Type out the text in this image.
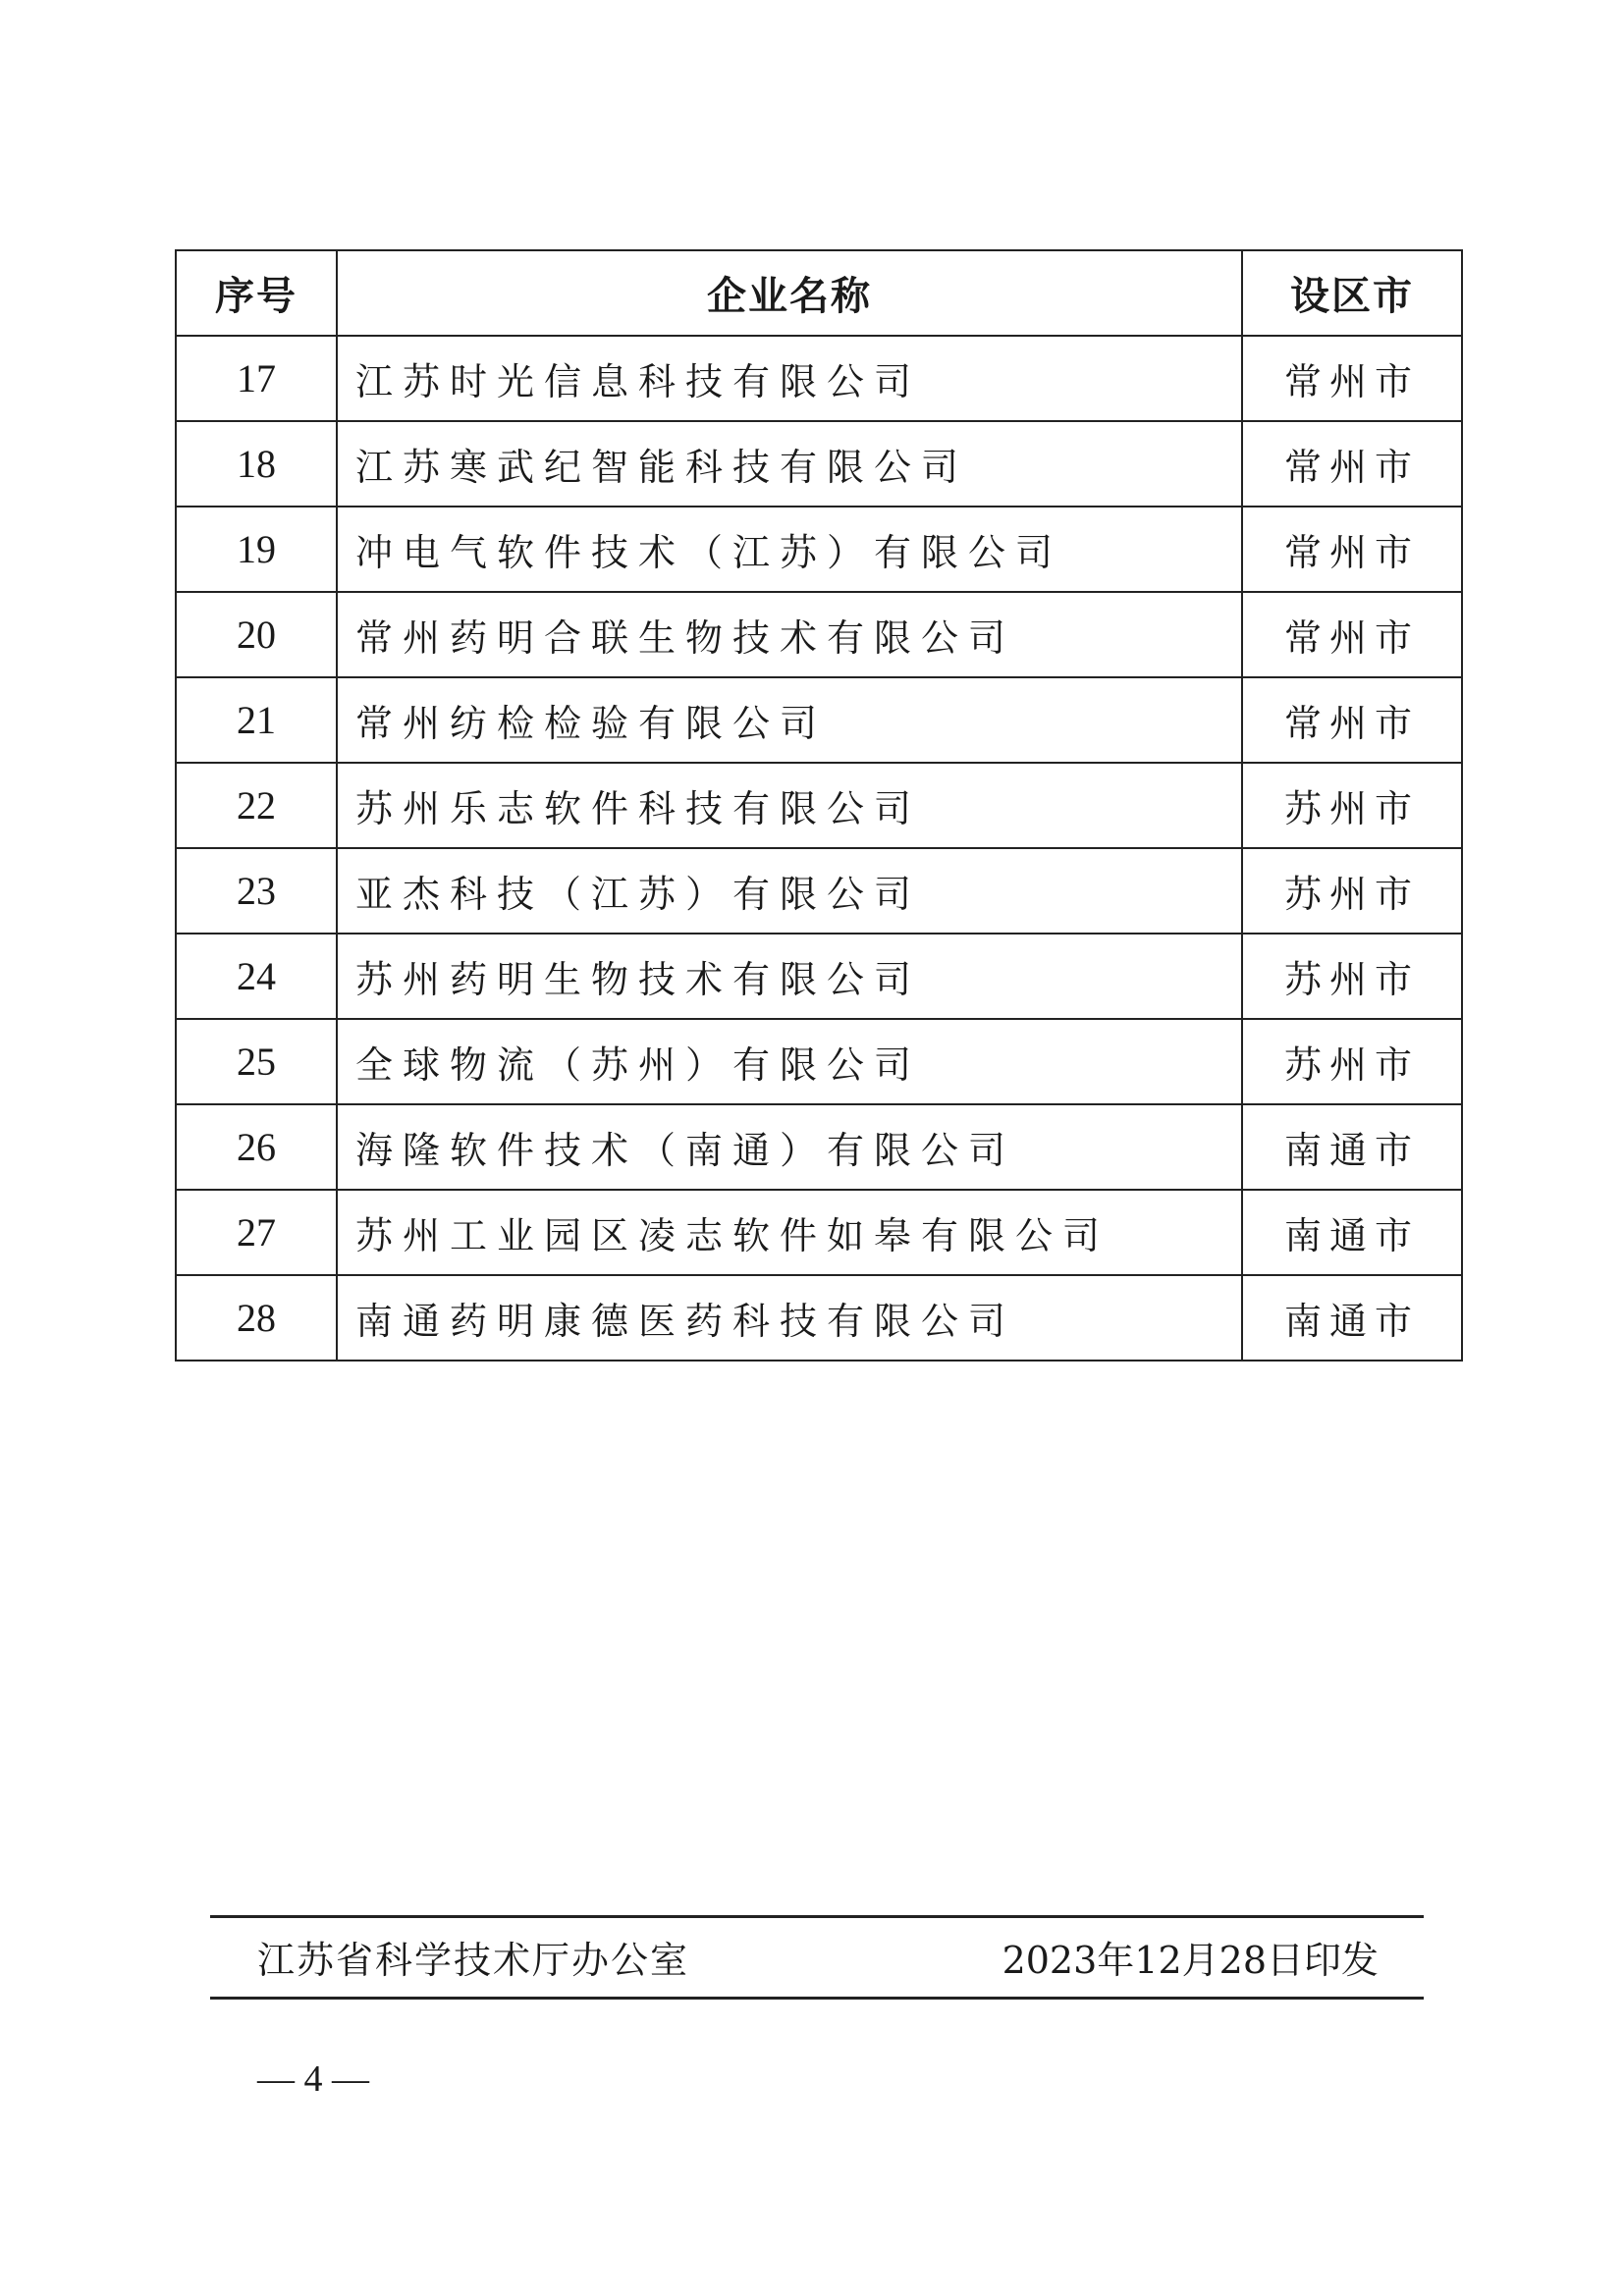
序号	企业名称	设区市
17	江苏时光信息科技有限公司	常州市
18	江苏寒武纪智能科技有限公司	常州市
19	冲电气软件技术（江苏）有限公司	常州市
20	常州药明合联生物技术有限公司	常州市
21	常州纺检检验有限公司	常州市
22	苏州乐志软件科技有限公司	苏州市
23	亚杰科技（江苏）有限公司	苏州市
24	苏州药明生物技术有限公司	苏州市
25	全球物流（苏州）有限公司	苏州市
26	海隆软件技术（南通）有限公司	南通市
27	苏州工业园区凌志软件如皋有限公司	南通市
28	南通药明康德医药科技有限公司	南通市
江苏省科学技术厅办公室	2023年12月28日印发
— 4 —
